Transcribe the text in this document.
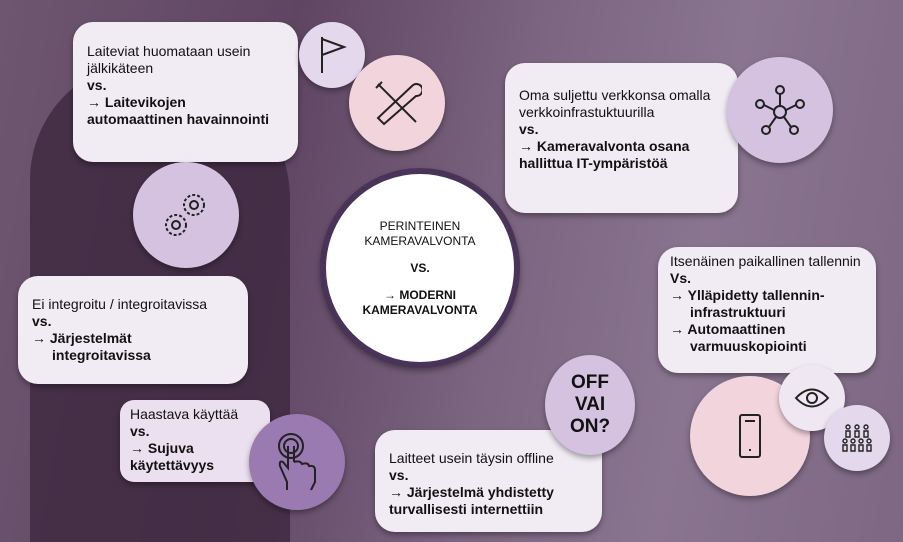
Laiteviat huomataan usein jälkikäteen

vs.

→ Laitevikojen automaattinen havainnointi

PERINTEINEN
KAMERAVALVONTA
VS.
→ MODERNI
KAMERAVALVONTA

Oma suljettu verkkonsa omalla verkkoinfrastuktuurilla

vs.

→ Kameravalvonta osana hallittua IT-ympäristöä

Ei integroitu / integroitavissa

vs.

→ Järjestelmät integroitavissa

Haastava käyttää

vs.

→ Sujuva käytettävyys	Laitteet usein täysin offline

vs.

→ Järjestelmä yhdistetty turvallisesti internettiin

OFF
VAI
ON?

Itsenäinen paikallinen tallennin

Vs.

→ Ylläpidetty tallennin-infrastruktuuri

→ Automaattinen varmuuskopiointi
